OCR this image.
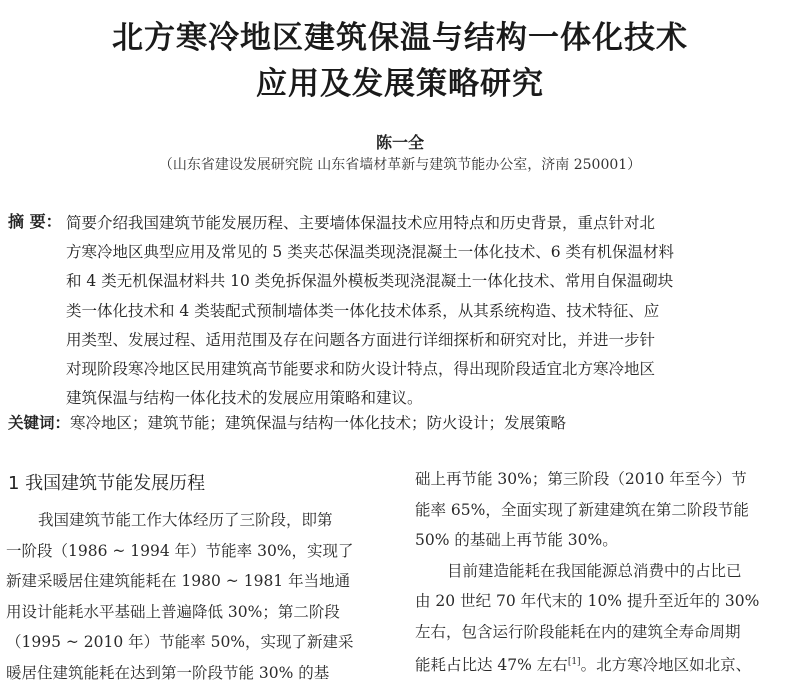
北方寒冷地区建筑保温与结构一体化技术
应用及发展策略研究
陈一全
（山东省建设发展研究院 山东省墙材革新与建筑节能办公室，济南 250001）
摘 要： 简要介绍我国建筑节能发展历程、主要墙体保温技术应用特点和历史背景，重点针对北
方寒冷地区典型应用及常见的 5 类夹芯保温类现浇混凝土一体化技术、6 类有机保温材料
和 4 类无机保温材料共 10 类免拆保温外模板类现浇混凝土一体化技术、常用自保温砌块
类一体化技术和 4 类装配式预制墙体类一体化技术体系，从其系统构造、技术特征、应
用类型、发展过程、适用范围及存在问题各方面进行详细探析和研究对比，并进一步针
对现阶段寒冷地区民用建筑高节能要求和防火设计特点，得出现阶段适宜北方寒冷地区
建筑保温与结构一体化技术的发展应用策略和建议。
关键词：寒冷地区；建筑节能；建筑保温与结构一体化技术；防火设计；发展策略
1 我国建筑节能发展历程
我国建筑节能工作大体经历了三阶段，即第
一阶段（1986 ~ 1994 年）节能率 30%，实现了
新建采暖居住建筑能耗在 1980 ~ 1981 年当地通
用设计能耗水平基础上普遍降低 30%；第二阶段
（1995 ~ 2010 年）节能率 50%，实现了新建采
暖居住建筑能耗在达到第一阶段节能 30% 的基
础上再节能 30%；第三阶段（2010 年至今）节
能率 65%，全面实现了新建建筑在第二阶段节能
50% 的基础上再节能 30%。
目前建造能耗在我国能源总消费中的占比已
由 20 世纪 70 年代末的 10% 提升至近年的 30%
左右，包含运行阶段能耗在内的建筑全寿命周期
能耗占比达 47% 左右[1]。北方寒冷地区如北京、
